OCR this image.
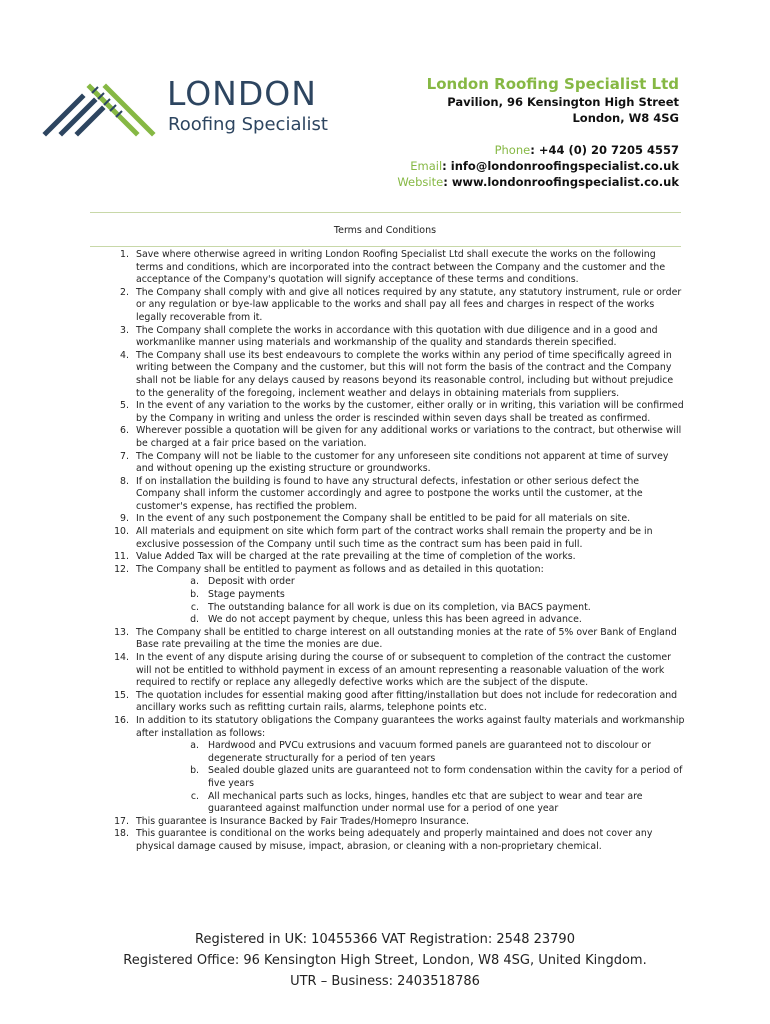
LONDON
Roofing Specialist
London Roofing Specialist Ltd
Pavilion, 96 Kensington High Street
London, W8 4SG
Phone: +44 (0) 20 7205 4557
Email: info@londonroofingspecialist.co.uk
Website: www.londonroofingspecialist.co.uk
Terms and Conditions
1. Save where otherwise agreed in writing London Roofing Specialist Ltd shall execute the works on the following terms and conditions, which are incorporated into the contract between the Company and the customer and the acceptance of the Company's quotation will signify acceptance of these terms and conditions.
2. The Company shall comply with and give all notices required by any statute, any statutory instrument, rule or order or any regulation or bye-law applicable to the works and shall pay all fees and charges in respect of the works legally recoverable from it.
3. The Company shall complete the works in accordance with this quotation with due diligence and in a good and workmanlike manner using materials and workmanship of the quality and standards therein specified.
4. The Company shall use its best endeavours to complete the works within any period of time specifically agreed in writing between the Company and the customer, but this will not form the basis of the contract and the Company shall not be liable for any delays caused by reasons beyond its reasonable control, including but without prejudice to the generality of the foregoing, inclement weather and delays in obtaining materials from suppliers.
5. In the event of any variation to the works by the customer, either orally or in writing, this variation will be confirmed by the Company in writing and unless the order is rescinded within seven days shall be treated as confirmed.
6. Wherever possible a quotation will be given for any additional works or variations to the contract, but otherwise will be charged at a fair price based on the variation.
7. The Company will not be liable to the customer for any unforeseen site conditions not apparent at time of survey and without opening up the existing structure or groundworks.
8. If on installation the building is found to have any structural defects, infestation or other serious defect the Company shall inform the customer accordingly and agree to postpone the works until the customer, at the customer's expense, has rectified the problem.
9. In the event of any such postponement the Company shall be entitled to be paid for all materials on site.
10. All materials and equipment on site which form part of the contract works shall remain the property and be in exclusive possession of the Company until such time as the contract sum has been paid in full.
11. Value Added Tax will be charged at the rate prevailing at the time of completion of the works.
12. The Company shall be entitled to payment as follows and as detailed in this quotation:
a. Deposit with order
b. Stage payments
c. The outstanding balance for all work is due on its completion, via BACS payment.
d. We do not accept payment by cheque, unless this has been agreed in advance.
13. The Company shall be entitled to charge interest on all outstanding monies at the rate of 5% over Bank of England Base rate prevailing at the time the monies are due.
14. In the event of any dispute arising during the course of or subsequent to completion of the contract the customer will not be entitled to withhold payment in excess of an amount representing a reasonable valuation of the work required to rectify or replace any allegedly defective works which are the subject of the dispute.
15. The quotation includes for essential making good after fitting/installation but does not include for redecoration and ancillary works such as refitting curtain rails, alarms, telephone points etc.
16. In addition to its statutory obligations the Company guarantees the works against faulty materials and workmanship after installation as follows:
a. Hardwood and PVCu extrusions and vacuum formed panels are guaranteed not to discolour or degenerate structurally for a period of ten years
b. Sealed double glazed units are guaranteed not to form condensation within the cavity for a period of five years
c. All mechanical parts such as locks, hinges, handles etc that are subject to wear and tear are guaranteed against malfunction under normal use for a period of one year
17. This guarantee is Insurance Backed by Fair Trades/Homepro Insurance.
18. This guarantee is conditional on the works being adequately and properly maintained and does not cover any physical damage caused by misuse, impact, abrasion, or cleaning with a non-proprietary chemical.
Registered in UK: 10455366 VAT Registration: 2548 23790
Registered Office: 96 Kensington High Street, London, W8 4SG, United Kingdom.
UTR – Business: 2403518786
